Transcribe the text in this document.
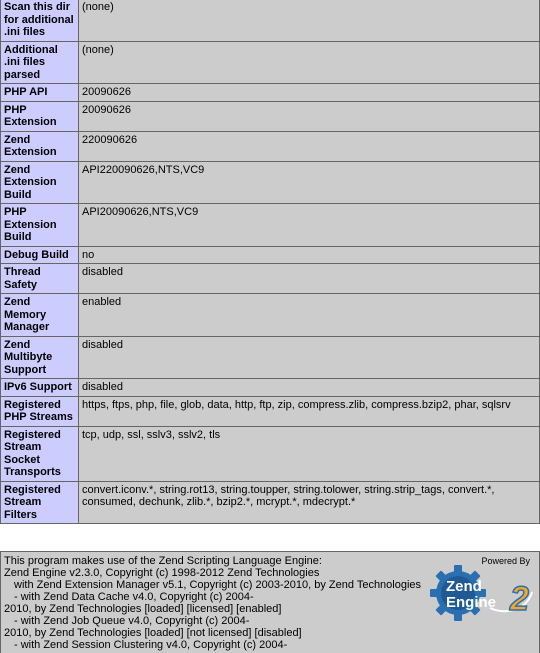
Scan this dir for additional .ini files	(none)
Additional .ini files parsed	(none)
PHP API	20090626
PHP Extension	20090626
Zend Extension	220090626
Zend Extension Build	API220090626,NTS,VC9
PHP Extension Build	API20090626,NTS,VC9
Debug Build	no
Thread Safety	disabled
Zend Memory Manager	enabled
Zend Multibyte Support	disabled
IPv6 Support	disabled
Registered PHP Streams	https, ftps, php, file, glob, data, http, ftp, zip, compress.zlib, compress.bzip2, phar, sqlsrv
Registered Stream Socket Transports	tcp, udp, ssl, sslv3, sslv2, tls
Registered Stream Filters	convert.iconv.*, string.rot13, string.toupper, string.tolower, string.strip_tags, convert.*, consumed, dechunk, zlib.*, bzip2.*, mcrypt.*, mdecrypt.*
This program makes use of the Zend Scripting Language Engine:
Zend Engine v2.3.0, Copyright (c) 1998-2012 Zend Technologies
with Zend Extension Manager v5.1, Copyright (c) 2003-2010, by Zend Technologies
- with Zend Data Cache v4.0, Copyright (c) 2004-
2010, by Zend Technologies [loaded] [licensed] [enabled]
- with Zend Job Queue v4.0, Copyright (c) 2004-
2010, by Zend Technologies [loaded] [not licensed] [disabled]
- with Zend Session Clustering v4.0, Copyright (c) 2004-
Powered By
Zend
Engine 2
